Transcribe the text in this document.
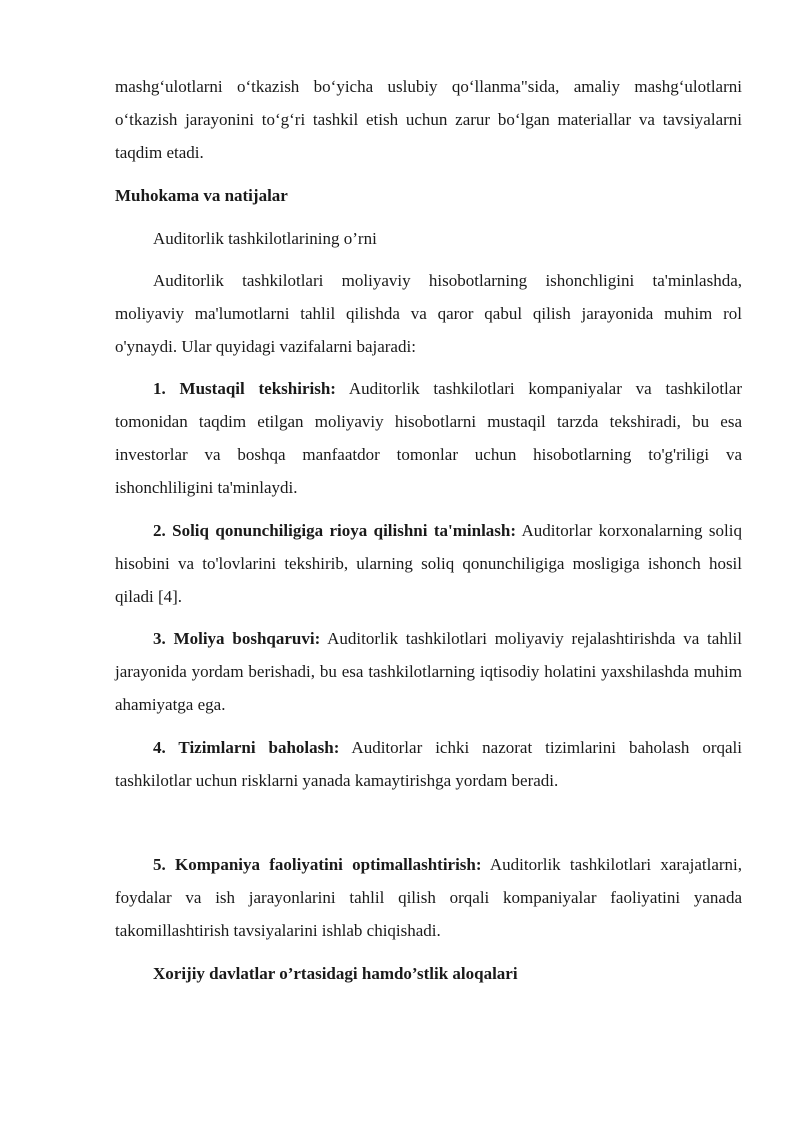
mashg‘ulotlarni o‘tkazish bo‘yicha uslubiy qo‘llanma"sida, amaliy mashg‘ulotlarni o‘tkazish jarayonini to‘g‘ri tashkil etish uchun zarur bo‘lgan materiallar va tavsiyalarni taqdim etadi.

Muhokama va natijalar

Auditorlik tashkilotlarining o’rni

Auditorlik tashkilotlari moliyaviy hisobotlarning ishonchligini ta'minlashda, moliyaviy ma'lumotlarni tahlil qilishda va qaror qabul qilish jarayonida muhim rol o'ynaydi. Ular quyidagi vazifalarni bajaradi:

1. Mustaqil tekshirish: Auditorlik tashkilotlari kompaniyalar va tashkilotlar tomonidan taqdim etilgan moliyaviy hisobotlarni mustaqil tarzda tekshiradi, bu esa investorlar va boshqa manfaatdor tomonlar uchun hisobotlarning to'g'riligi va ishonchliligini ta'minlaydi.

2. Soliq qonunchiligiga rioya qilishni ta'minlash: Auditorlar korxonalarning soliq hisobini va to'lovlarini tekshirib, ularning soliq qonunchiligiga mosligiga ishonch hosil qiladi [4].

3. Moliya boshqaruvi: Auditorlik tashkilotlari moliyaviy rejalashtirishda va tahlil jarayonida yordam berishadi, bu esa tashkilotlarning iqtisodiy holatini yaxshilashda muhim ahamiyatga ega.

4. Tizimlarni baholash: Auditorlar ichki nazorat tizimlarini baholash orqali tashkilotlar uchun risklarni yanada kamaytirishga yordam beradi.

5. Kompaniya faoliyatini optimallashtirish: Auditorlik tashkilotlari xarajatlarni, foydalar va ish jarayonlarini tahlil qilish orqali kompaniyalar faoliyatini yanada takomillashtirish tavsiyalarini ishlab chiqishadi.

Xorijiy davlatlar o’rtasidagi hamdo’stlik aloqalari
